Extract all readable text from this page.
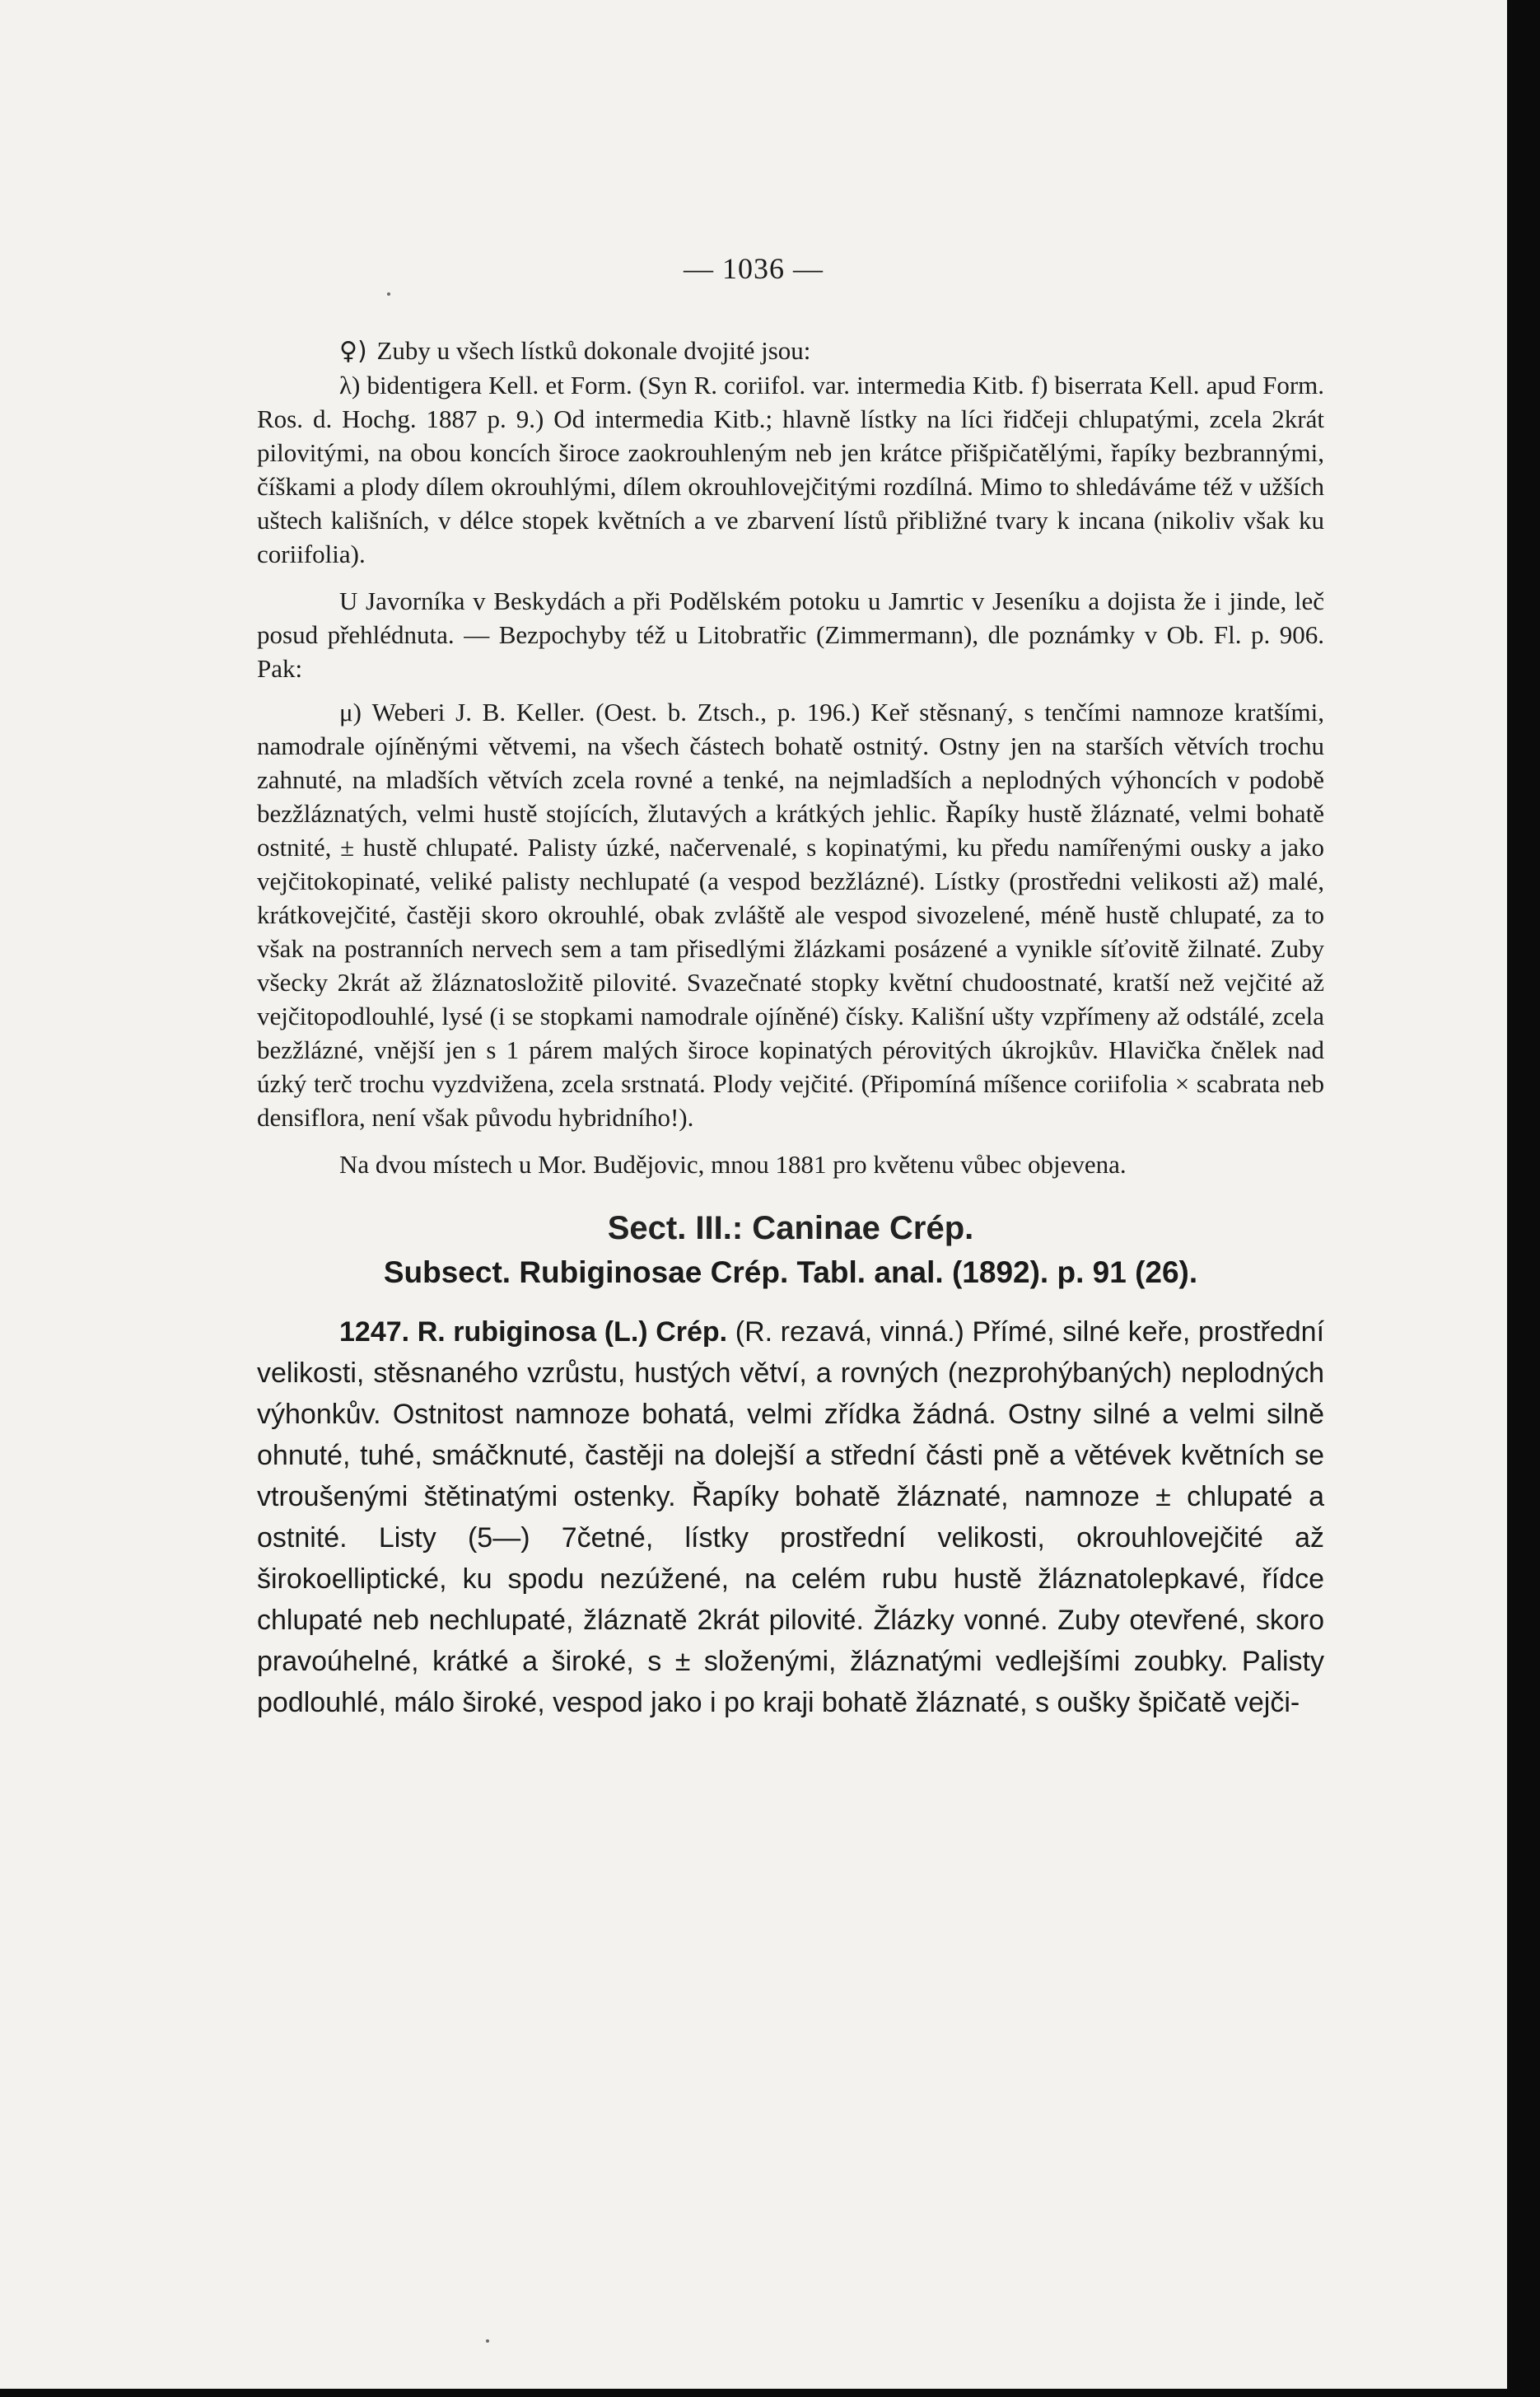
— 1036 —

♀) Zuby u všech lístků dokonale dvojité jsou:

λ) bidentigera Kell. et Form. (Syn R. coriifol. var. intermedia Kitb. f) biserrata Kell. apud Form. Ros. d. Hochg. 1887 p. 9.) Od intermedia Kitb.; hlavně lístky na líci řidčeji chlupatými, zcela 2krát pilovitými, na obou koncích široce zaokrouhleným neb jen krátce přišpičatělými, řapíky bezbrannými, číškami a plody dílem okrouhlými, dílem okrouhlovejčitými rozdílná. Mimo to shledáváme též v užších uštech kališních, v délce stopek květních a ve zbarvení lístů přibližné tvary k incana (nikoliv však ku coriifolia).

U Javorníka v Beskydách a při Podělském potoku u Jamrtic v Jeseníku a dojista že i jinde, leč posud přehlédnuta. — Bezpochyby též u Litobratřic (Zimmermann), dle poznámky v Ob. Fl. p. 906. Pak:

μ) Weberi J. B. Keller. (Oest. b. Ztsch., p. 196.) Keř stěsnaný, s tenčími namnoze kratšími, namodrale ojíněnými větvemi, na všech částech bohatě ostnitý. Ostny jen na starších větvích trochu zahnuté, na mladších větvích zcela rovné a tenké, na nejmladších a neplodných výhoncích v podobě bezžláznatých, velmi hustě stojících, žlutavých a krátkých jehlic. Řapíky hustě žláznaté, velmi bohatě ostnité, ± hustě chlupaté. Palisty úzké, načervenalé, s kopinatými, ku předu namířenými ousky a jako vejčitokopinaté, veliké palisty nechlupaté (a vespod bezžlázné). Lístky (prostředni velikosti až) malé, krátkovejčité, častěji skoro okrouhlé, obak zvláště ale vespod sivozelené, méně hustě chlupaté, za to však na postranních nervech sem a tam přisedlými žlázkami posázené a vynikle síťovitě žilnaté. Zuby všecky 2krát až žláznatosložitě pilovité. Svazečnaté stopky květní chudoostnaté, kratší než vejčité až vejčitopodlouhlé, lysé (i se stopkami namodrale ojíněné) čísky. Kališní ušty vzpřímeny až odstálé, zcela bezžlázné, vnější jen s 1 párem malých široce kopinatých pérovitých úkrojkův. Hlavička čnělek nad úzký terč trochu vyzdvižena, zcela srstnatá. Plody vejčité. (Připomíná míšence coriifolia × scabrata neb densiflora, není však původu hybridního!).

Na dvou místech u Mor. Budějovic, mnou 1881 pro květenu vůbec objevena.

Sect. III.: Caninae Crép.
Subsect. Rubiginosae Crép. Tabl. anal. (1892). p. 91 (26).

1247. R. rubiginosa (L.) Crép. (R. rezavá, vinná.) Přímé, silné keře, prostřední velikosti, stěsnaného vzrůstu, hustých větví, a rovných (nezprohýbaných) neplodných výhonkův. Ostnitost namnoze bohatá, velmi zřídka žádná. Ostny silné a velmi silně ohnuté, tuhé, smáčknuté, častěji na dolejší a střední části pně a větévek květních se vtroušenými štětinatými ostenky. Řapíky bohatě žláznaté, namnoze ± chlupaté a ostnité. Listy (5—) 7četné, lístky prostřední velikosti, okrouhlovejčité až širokoelliptické, ku spodu nezúžené, na celém rubu hustě žláznatolepkavé, řídce chlupaté neb nechlupaté, žláznatě 2krát pilovité. Žlázky vonné. Zuby otevřené, skoro pravoúhelné, krátké a široké, s ± složenými, žláznatými vedlejšími zoubky. Palisty podlouhlé, málo široké, vespod jako i po kraji bohatě žláznaté, s oušky špičatě vejči-
